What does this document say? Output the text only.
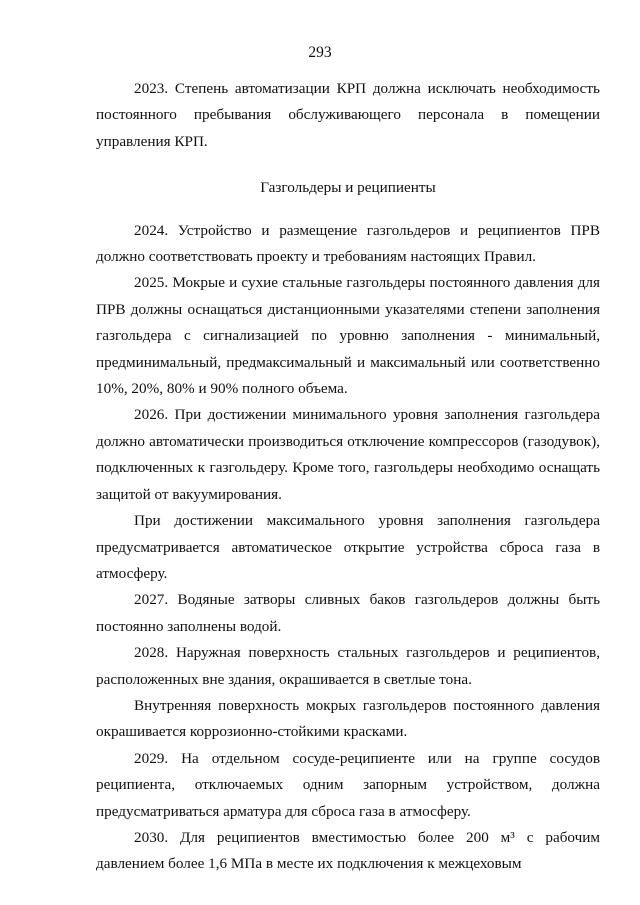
293

2023. Степень автоматизации КРП должна исключать необходимость постоянного пребывания обслуживающего персонала в помещении управления КРП.

Газгольдеры и реципиенты

2024. Устройство и размещение газгольдеров и реципиентов ПРВ должно соответствовать проекту и требованиям настоящих Правил.

2025. Мокрые и сухие стальные газгольдеры постоянного давления для ПРВ должны оснащаться дистанционными указателями степени заполнения газгольдера с сигнализацией по уровню заполнения - минимальный, предминимальный, предмаксимальный и максимальный или соответственно 10%, 20%, 80% и 90% полного объема.

2026. При достижении минимального уровня заполнения газгольдера должно автоматически производиться отключение компрессоров (газодувок), подключенных к газгольдеру. Кроме того, газгольдеры необходимо оснащать защитой от вакуумирования.

При достижении максимального уровня заполнения газгольдера предусматривается автоматическое открытие устройства сброса газа в атмосферу.

2027. Водяные затворы сливных баков газгольдеров должны быть постоянно заполнены водой.

2028. Наружная поверхность стальных газгольдеров и реципиентов, расположенных вне здания, окрашивается в светлые тона.

Внутренняя поверхность мокрых газгольдеров постоянного давления окрашивается коррозионно-стойкими красками.

2029. На отдельном сосуде-реципиенте или на группе сосудов реципиента, отключаемых одним запорным устройством, должна предусматриваться арматура для сброса газа в атмосферу.

2030. Для реципиентов вместимостью более 200 м³ с рабочим давлением более 1,6 МПа в месте их подключения к межцеховым
